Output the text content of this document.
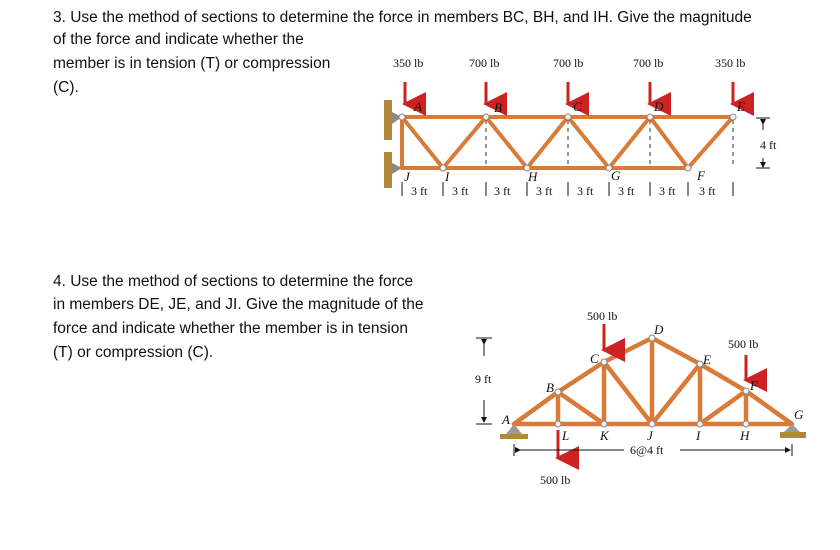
3. Use the method of sections to determine the force in members BC, BH, and IH. Give the magnitude

of the force and indicate whether the

member is in tension (T) or compression

(C).

4. Use the method of sections to determine the force

in members DE, JE, and JI. Give the magnitude of the

force and indicate whether the member is in tension

(T) or compression (C).

350 lb	700 lb	700 lb	700 lb	350 lb
A	B	C	D	E
J	I	H	G	F
3 ft 3 ft 3 ft 3 ft 3 ft 3 ft 3 ft 3 ft
4 ft
500 lb
500 lb
500 lb
A
B
C
D
E
F
G
H
I
J
K
L
9 ft
6@4 ft
